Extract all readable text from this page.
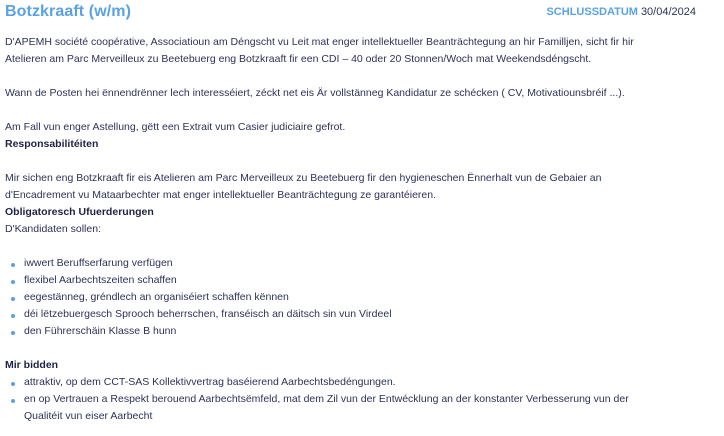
Botzkraaft (w/m)	SCHLUSSDATUM 30/04/2024

D'APEMH société coopérative, Associatioun am Déngscht vu Leit mat enger intellektueller Beanträchtegung an hir Familljen, sicht fir hir

Atelieren am Parc Merveilleux zu Beetebuerg eng Botzkraaft fir een CDI – 40 oder 20 Stonnen/Woch mat Weekendsdéngscht.

Wann de Posten hei ënnendrënner lech interesséiert, zéckt net eis Är vollstänneg Kandidatur ze schécken ( CV, Motivatiounsbréif ...).

Am Fall vun enger Astellung, gëtt een Extrait vum Casier judiciaire gefrot.

Responsabilitéiten

Mir sichen eng Botzkraaft fir eis Atelieren am Parc Merveilleux zu Beetebuerg fir den hygieneschen Ënnerhalt vun de Gebaier an

d'Encadrement vu Mataarbechter mat enger intellektueller Beanträchtegung ze garantéieren.

Obligatoresch Ufuerderungen

D'Kandidaten sollen:

iwwert Beruffserfarung verfügen
flexibel Aarbechtszeiten schaffen
eegestänneg, gréndlech an organiséiert schaffen kënnen
déi lëtzebuergesch Sprooch beherrschen, franséisch an däitsch sin vun Virdeel
den Führerschäin Klasse B hunn

Mir bidden

attraktiv, op dem CCT-SAS Kollektivvertrag baséierend Aarbechtsbedéngungen.
en op Vertrauen a Respekt berouend Aarbechtsëmfeld, mat dem Zil vun der Entwécklung an der konstanter Verbesserung vun der
Qualitéit vun eiser Aarbecht
